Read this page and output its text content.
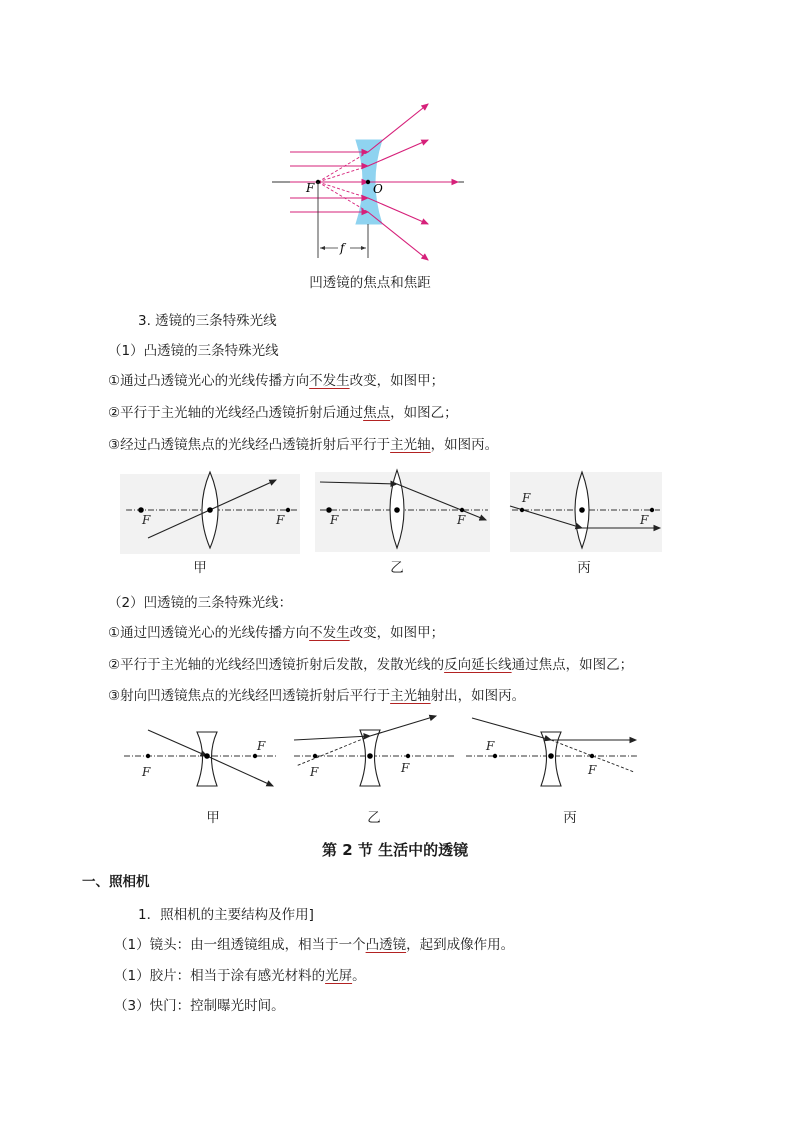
F	O
f
凹透镜的焦点和焦距
3. 透镜的三条特殊光线
（1）凸透镜的三条特殊光线
①通过凸透镜光心的光线传播方向不发生改变，如图甲；
②平行于主光轴的光线经凸透镜折射后通过焦点，如图乙；
③经过凸透镜焦点的光线经凸透镜折射后平行于主光轴，如图丙。
F	F	F	F
F
F
甲	乙	丙
（2）凹透镜的三条特殊光线：
①通过凹透镜光心的光线传播方向不发生改变，如图甲；
②平行于主光轴的光线经凹透镜折射后发散，发散光线的反向延长线通过焦点，如图乙；
③射向凹透镜焦点的光线经凹透镜折射后平行于主光轴射出，如图丙。
F
F
F	F
F
F
甲	乙	丙
第 2 节 生活中的透镜
一、照相机
1．照相机的主要结构及作用]
（1）镜头：由一组透镜组成，相当于一个凸透镜，起到成像作用。
（1）胶片：相当于涂有感光材料的光屏。
（3）快门：控制曝光时间。
